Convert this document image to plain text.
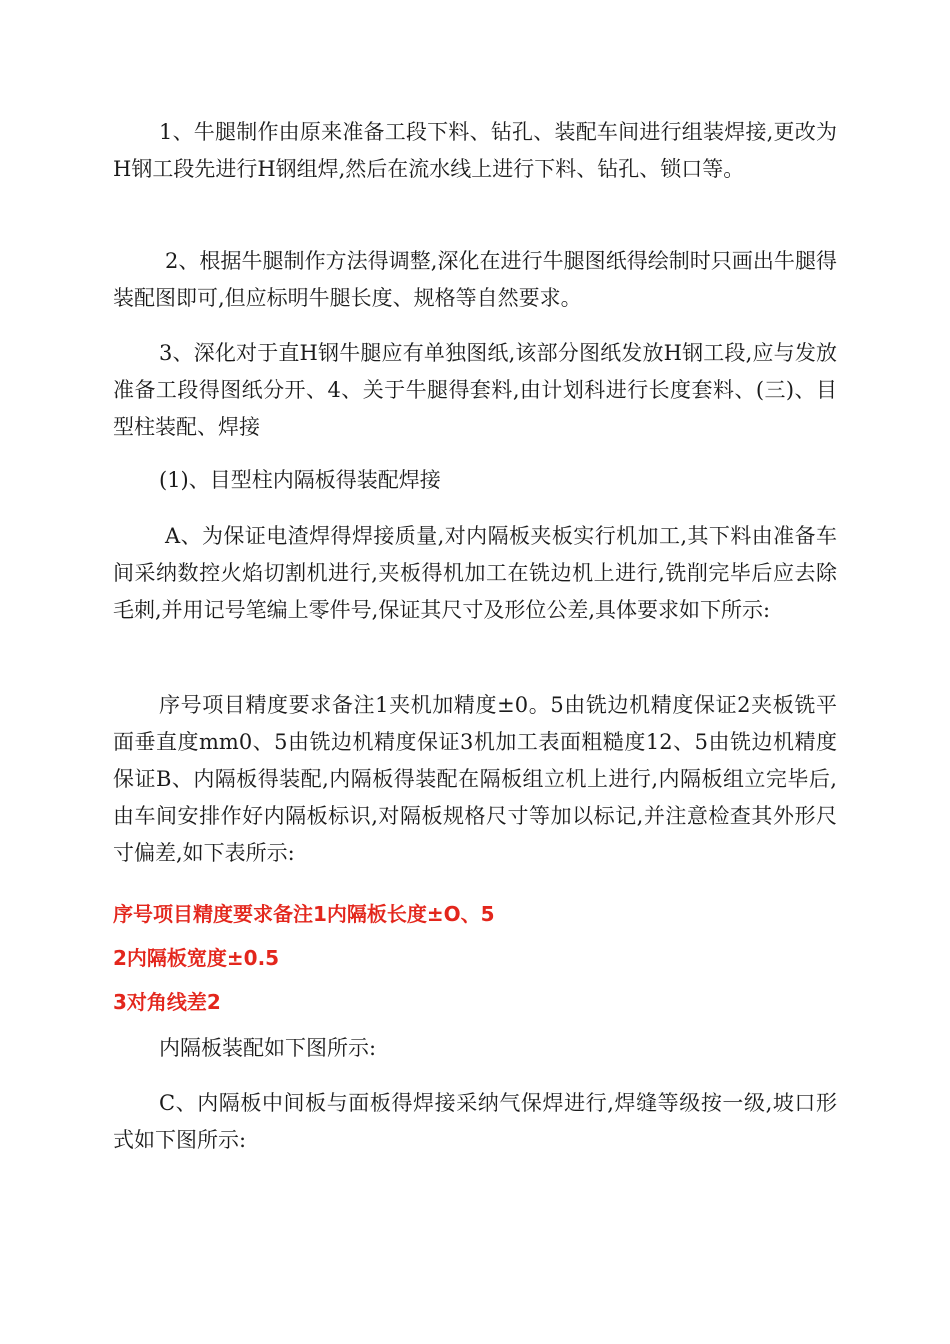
1、牛腿制作由原来准备工段下料、钻孔、装配车间进行组装焊接,更改为H钢工段先进行H钢组焊,然后在流水线上进行下料、钻孔、锁口等。

2、根据牛腿制作方法得调整,深化在进行牛腿图纸得绘制时只画出牛腿得装配图即可,但应标明牛腿长度、规格等自然要求。

3、深化对于直H钢牛腿应有单独图纸,该部分图纸发放H钢工段,应与发放准备工段得图纸分开、4、关于牛腿得套料,由计划科进行长度套料、(三)、目型柱装配、焊接

(1)、目型柱内隔板得装配焊接

A、为保证电渣焊得焊接质量,对内隔板夹板实行机加工,其下料由准备车间采纳数控火焰切割机进行,夹板得机加工在铣边机上进行,铣削完毕后应去除毛刺,并用记号笔编上零件号,保证其尺寸及形位公差,具体要求如下所示:

序号项目精度要求备注1夹机加精度±0。5由铣边机精度保证2夹板铣平面垂直度mm0、5由铣边机精度保证3机加工表面粗糙度12、5由铣边机精度保证B、内隔板得装配,内隔板得装配在隔板组立机上进行,内隔板组立完毕后,由车间安排作好内隔板标识,对隔板规格尺寸等加以标记,并注意检查其外形尺寸偏差,如下表所示:

序号项目精度要求备注1内隔板长度±O、5

2内隔板宽度±0.5

3对角线差2

内隔板装配如下图所示:

C、内隔板中间板与面板得焊接采纳气保焊进行,焊缝等级按一级,坡口形式如下图所示:
